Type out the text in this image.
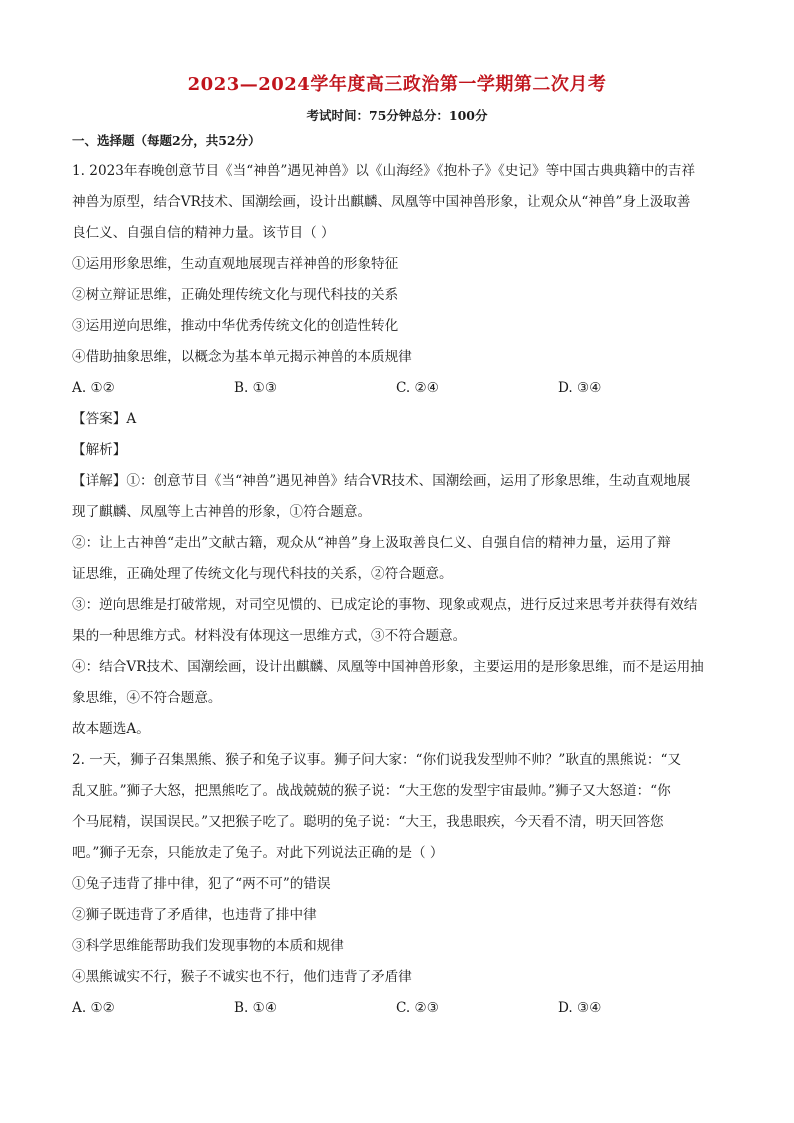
2023—2024学年度高三政治第一学期第二次月考
考试时间：75分钟总分：100分
一、选择题（每题2分，共52分）
1. 2023年春晚创意节目《当“神兽”遇见神兽》以《山海经》《抱朴子》《史记》等中国古典典籍中的吉祥
神兽为原型，结合VR技术、国潮绘画，设计出麒麟、凤凰等中国神兽形象，让观众从“神兽”身上汲取善
良仁义、自强自信的精神力量。该节目（ ）
①运用形象思维，生动直观地展现吉祥神兽的形象特征
②树立辩证思维，正确处理传统文化与现代科技的关系
③运用逆向思维，推动中华优秀传统文化的创造性转化
④借助抽象思维，以概念为基本单元揭示神兽的本质规律
A. ①②	B. ①③	C. ②④	D. ③④
【答案】A
【解析】
【详解】①：创意节目《当“神兽”遇见神兽》结合VR技术、国潮绘画，运用了形象思维，生动直观地展
现了麒麟、凤凰等上古神兽的形象，①符合题意。
②：让上古神兽“走出”文献古籍，观众从“神兽”身上汲取善良仁义、自强自信的精神力量，运用了辩
证思维，正确处理了传统文化与现代科技的关系，②符合题意。
③：逆向思维是打破常规，对司空见惯的、已成定论的事物、现象或观点，进行反过来思考并获得有效结
果的一种思维方式。材料没有体现这一思维方式，③不符合题意。
④：结合VR技术、国潮绘画，设计出麒麟、凤凰等中国神兽形象，主要运用的是形象思维，而不是运用抽
象思维，④不符合题意。
故本题选A。
2. 一天，狮子召集黑熊、猴子和兔子议事。狮子问大家：“你们说我发型帅不帅？”耿直的黑熊说：“又
乱又脏。”狮子大怒，把黑熊吃了。战战兢兢的猴子说：“大王您的发型宇宙最帅。”狮子又大怒道：“你
个马屁精，误国误民。”又把猴子吃了。聪明的兔子说：“大王，我患眼疾，今天看不清，明天回答您
吧。”狮子无奈，只能放走了兔子。对此下列说法正确的是（ ）
①兔子违背了排中律，犯了“两不可”的错误
②狮子既违背了矛盾律，也违背了排中律
③科学思维能帮助我们发现事物的本质和规律
④黑熊诚实不行，猴子不诚实也不行，他们违背了矛盾律
A. ①②	B. ①④	C. ②③	D. ③④
